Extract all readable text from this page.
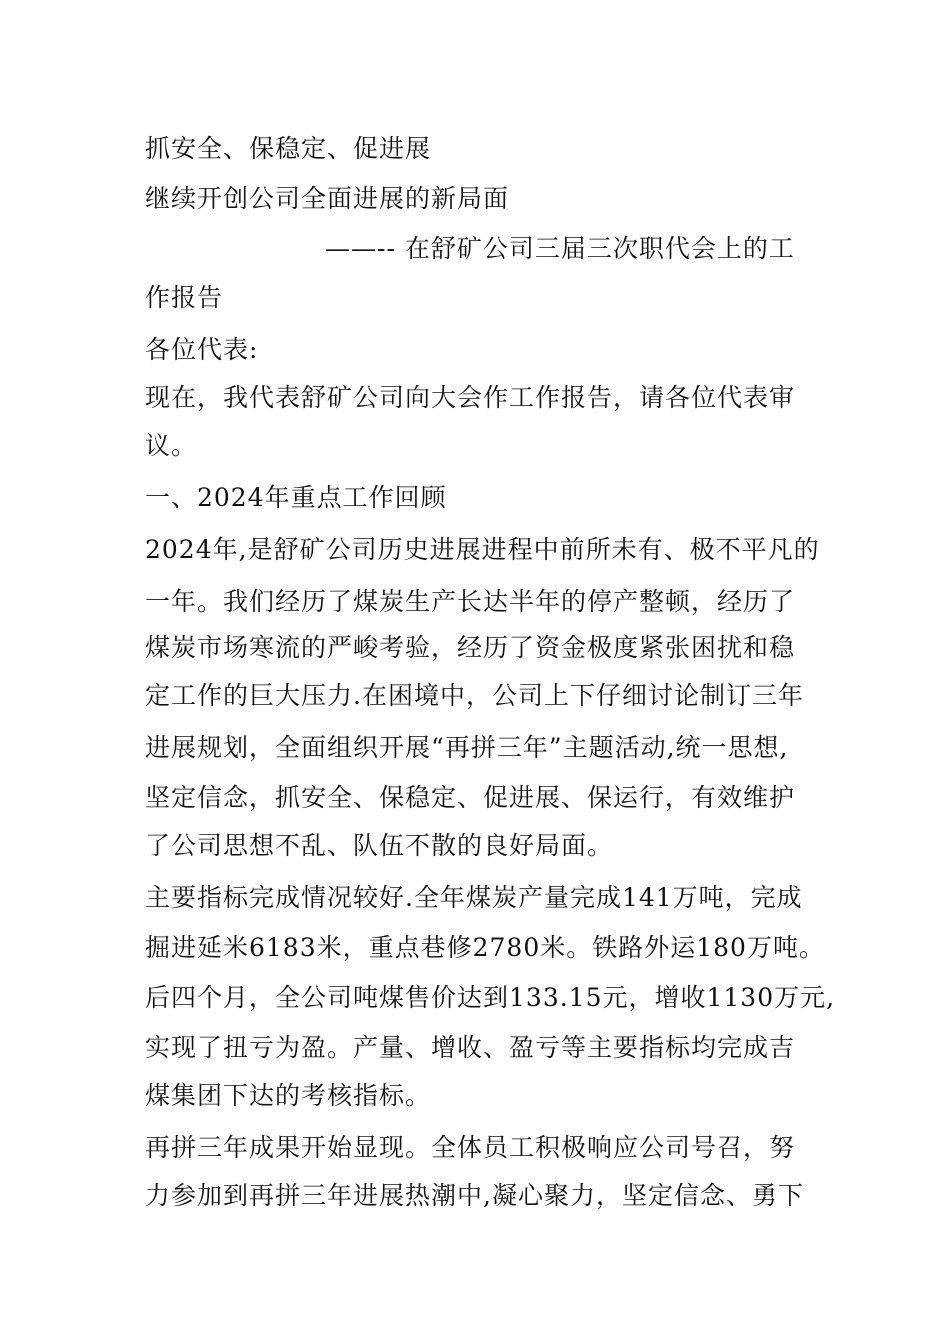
抓安全、保稳定、促进展
继续开创公司全面进展的新局面
——-- 在舒矿公司三届三次职代会上的工
作报告
各位代表:
现在，我代表舒矿公司向大会作工作报告，请各位代表审
议。
一、2024年重点工作回顾
2024年,是舒矿公司历史进展进程中前所未有、极不平凡的
一年。我们经历了煤炭生产长达半年的停产整顿，经历了
煤炭市场寒流的严峻考验，经历了资金极度紧张困扰和稳
定工作的巨大压力.在困境中，公司上下仔细讨论制订三年
进展规划，全面组织开展“再拼三年”主题活动,统一思想,
坚定信念，抓安全、保稳定、促进展、保运行，有效维护
了公司思想不乱、队伍不散的良好局面。
主要指标完成情况较好.全年煤炭产量完成141万吨，完成
掘进延米6183米，重点巷修2780米。铁路外运180万吨。
后四个月，全公司吨煤售价达到133.15元，增收1130万元,
实现了扭亏为盈。产量、增收、盈亏等主要指标均完成吉
煤集团下达的考核指标。
再拼三年成果开始显现。全体员工积极响应公司号召，努
力参加到再拼三年进展热潮中,凝心聚力，坚定信念、勇下
